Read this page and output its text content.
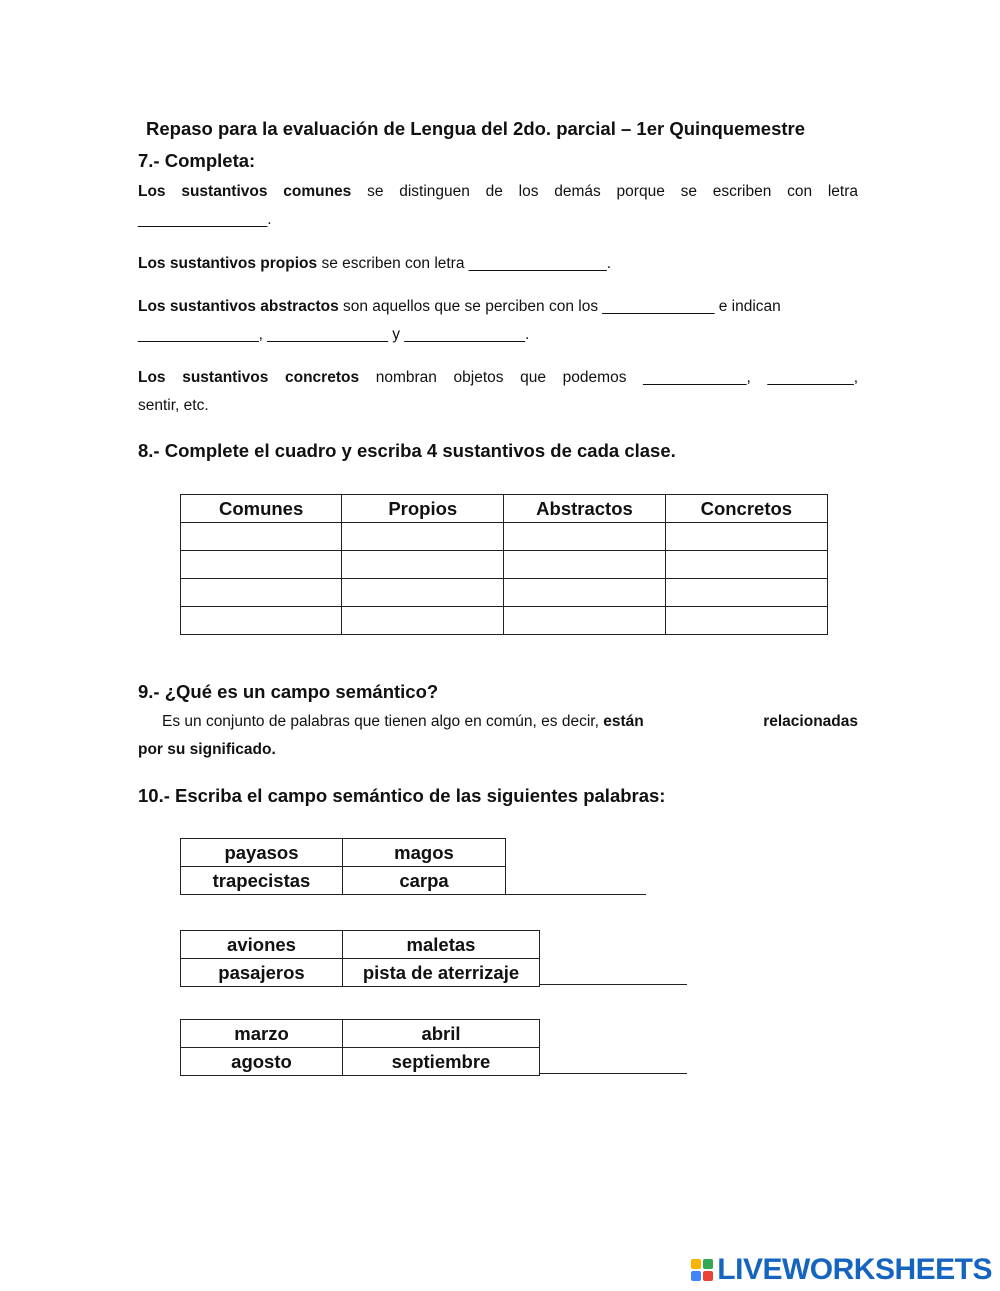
Repaso para la evaluación de Lengua del 2do. parcial – 1er Quinquemestre
7.- Completa:
Los sustantivos comunes se distinguen de los demás porque se escriben con letra
_______________.
Los sustantivos propios se escriben con letra ________________.
Los sustantivos abstractos son aquellos que se perciben con los _____________ e indican
______________, ______________ y ______________.
Los sustantivos concretos nombran objetos que podemos ____________, __________,
sentir, etc.
8.- Complete el cuadro y escriba 4 sustantivos de cada clase.
Comunes	Propios	Abstractos	Concretos

9.- ¿Qué es un campo semántico?
Es un conjunto de palabras que tienen algo en común, es decir, están	relacionadas
por su significado.
10.- Escriba el campo semántico de las siguientes palabras:
payasos	magos
trapecistas	carpa
aviones	maletas
pasajeros	pista de aterrizaje
marzo	abril
agosto	septiembre
LIVEWORKSHEETS
